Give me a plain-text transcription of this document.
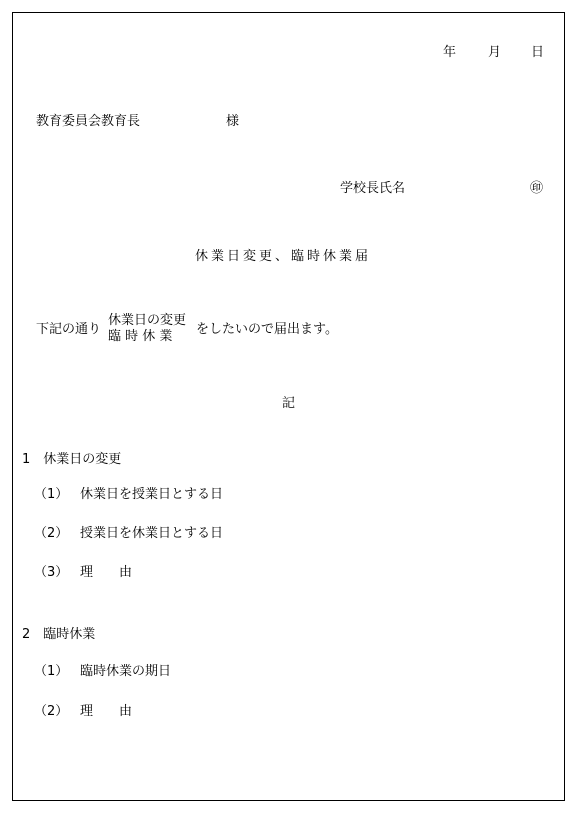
年 月 日
教育委員会教育長	様
学校長氏名	㊞
休業日変更、臨時休業届
下記の通り
休業日の変更
臨 時 休 業 をしたいので届出ます。
記
1　休業日の変更
（1） 休業日を授業日とする日
（2） 授業日を休業日とする日
（3） 理　　由
2　臨時休業
（1） 臨時休業の期日
（2） 理　　由
